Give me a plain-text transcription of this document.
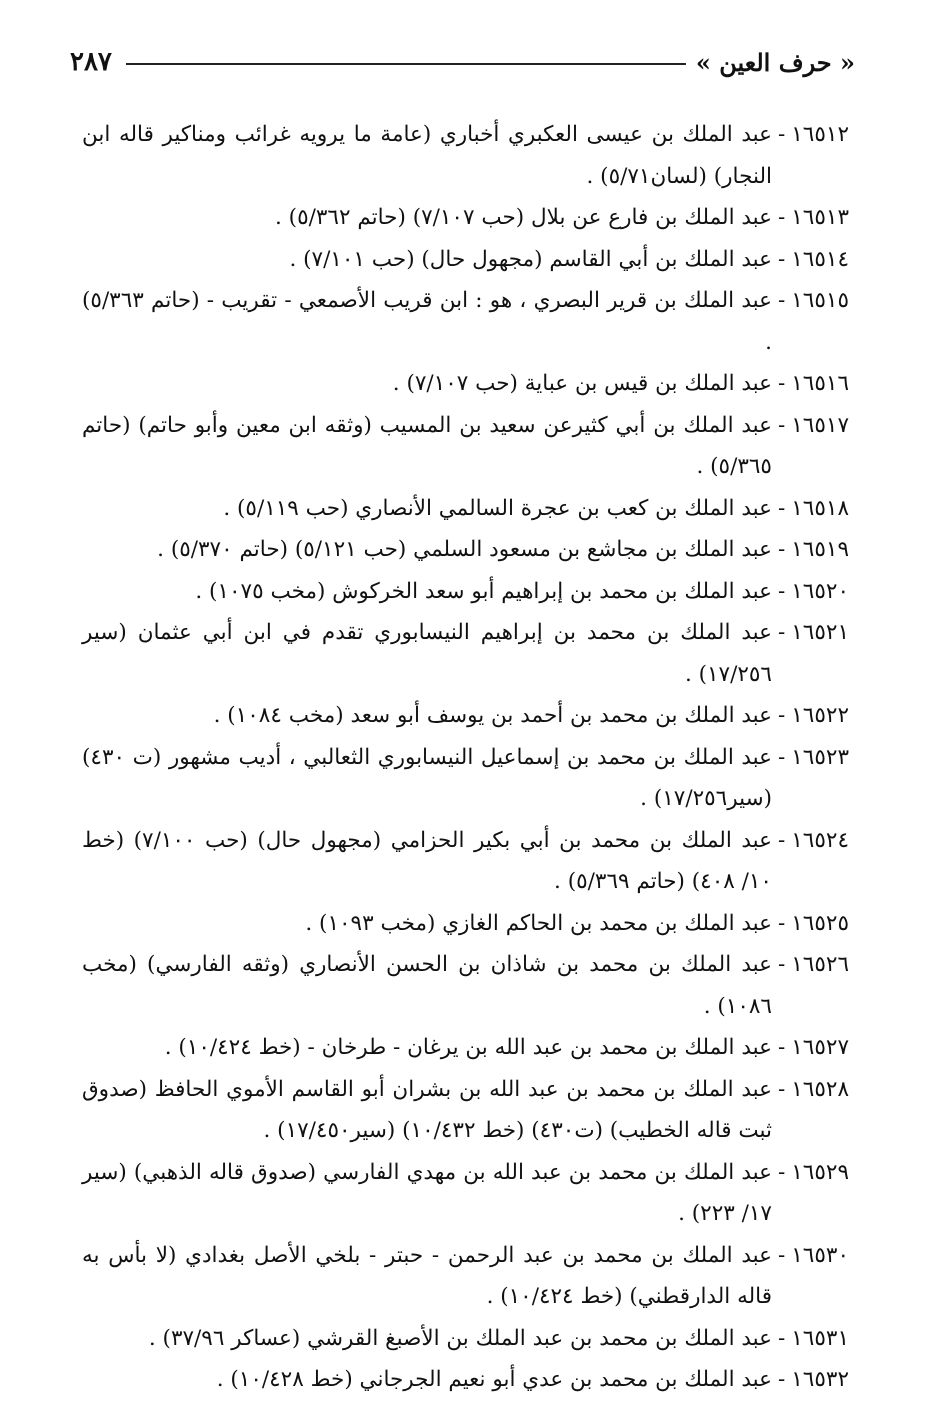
٢٨٧	« حرف العين »
١٦٥١٢
-
عبد الملك بن عيسى العكبري أخباري (عامة ما يرويه غرائب ومناكير قاله ابن النجار) (لسان٥/٧١) .
١٦٥١٣
-
عبد الملك بن فارع عن بلال (حب ٧/١٠٧) (حاتم ٥/٣٦٢) .
١٦٥١٤
-
عبد الملك بن أبي القاسم (مجهول حال) (حب ٧/١٠١) .
١٦٥١٥
-
عبد الملك بن قرير البصري ، هو : ابن قريب الأصمعي - تقريب - (حاتم ٥/٣٦٣) .
١٦٥١٦
-
عبد الملك بن قيس بن عباية (حب ٧/١٠٧) .
١٦٥١٧
-
عبد الملك بن أبي كثيرعن سعيد بن المسيب (وثقه ابن معين وأبو حاتم) (حاتم ٥/٣٦٥) .
١٦٥١٨
-
عبد الملك بن كعب بن عجرة السالمي الأنصاري (حب ٥/١١٩) .
١٦٥١٩
-
عبد الملك بن مجاشع بن مسعود السلمي (حب ٥/١٢١) (حاتم ٥/٣٧٠) .
١٦٥٢٠
-
عبد الملك بن محمد بن إبراهيم أبو سعد الخركوش (مخب ١٠٧٥) .
١٦٥٢١
-
عبد الملك بن محمد بن إبراهيم النيسابوري تقدم في ابن أبي عثمان (سير ١٧/٢٥٦) .
١٦٥٢٢
-
عبد الملك بن محمد بن أحمد بن يوسف أبو سعد (مخب ١٠٨٤) .
١٦٥٢٣
-
عبد الملك بن محمد بن إسماعيل النيسابوري الثعالبي ، أديب مشهور (ت ٤٣٠) (سير١٧/٢٥٦) .
١٦٥٢٤
-
عبد الملك بن محمد بن أبي بكير الحزامي (مجهول حال) (حب ٧/١٠٠) (خط ١٠/ ٤٠٨) (حاتم ٥/٣٦٩) .
١٦٥٢٥
-
عبد الملك بن محمد بن الحاكم الغازي (مخب ١٠٩٣) .
١٦٥٢٦
-
عبد الملك بن محمد بن شاذان بن الحسن الأنصاري (وثقه الفارسي) (مخب ١٠٨٦) .
١٦٥٢٧
-
عبد الملك بن محمد بن عبد الله بن يرغان - طرخان - (خط ١٠/٤٢٤) .
١٦٥٢٨
-
عبد الملك بن محمد بن عبد الله بن بشران أبو القاسم الأموي الحافظ (صدوق ثبت قاله الخطيب) (ت٤٣٠) (خط ١٠/٤٣٢) (سير١٧/٤٥٠) .
١٦٥٢٩
-
عبد الملك بن محمد بن عبد الله بن مهدي الفارسي (صدوق قاله الذهبي) (سير ١٧/ ٢٢٣) .
١٦٥٣٠
-
عبد الملك بن محمد بن عبد الرحمن - حبتر - بلخي الأصل بغدادي (لا بأس به قاله الدارقطني) (خط ١٠/٤٢٤) .
١٦٥٣١
-
عبد الملك بن محمد بن عبد الملك بن الأصبغ القرشي (عساكر ٣٧/٩٦) .
١٦٥٣٢
-
عبد الملك بن محمد بن عدي أبو نعيم الجرجاني (خط ١٠/٤٢٨) .
